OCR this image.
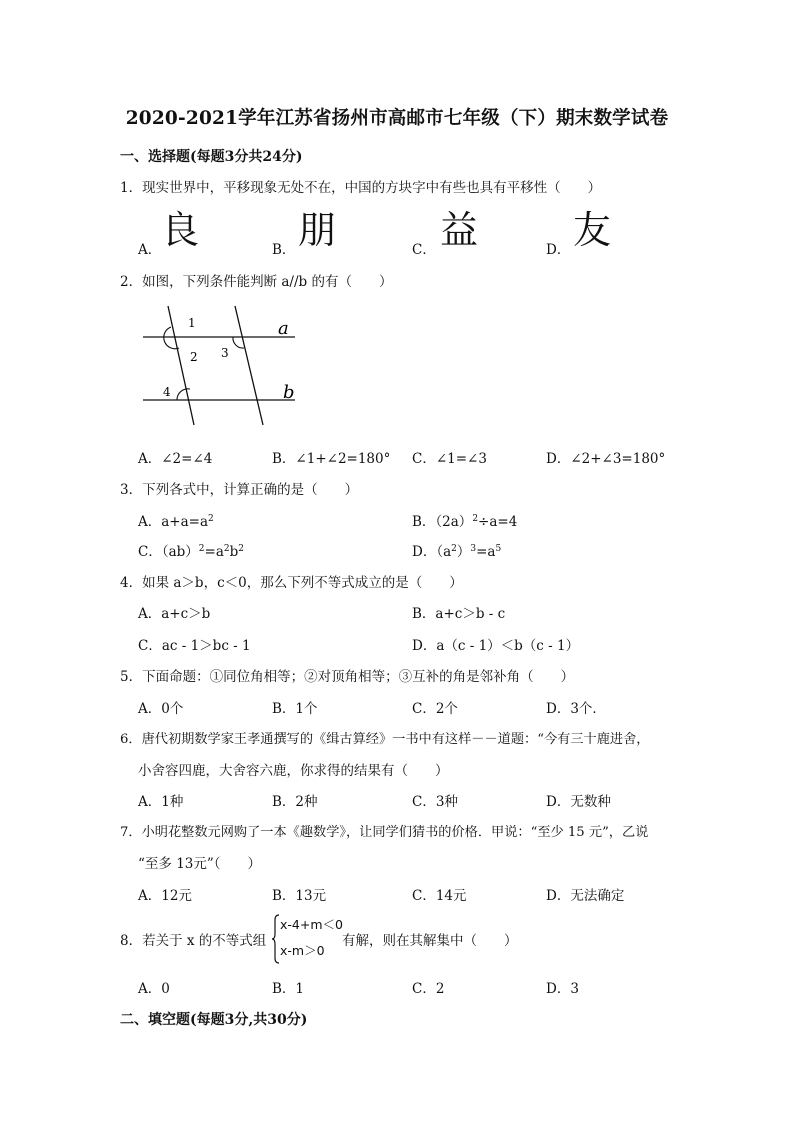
2020-2021学年江苏省扬州市高邮市七年级（下）期末数学试卷
一、选择题(每题3分共24分)
1．现实世界中，平移现象无处不在，中国的方块字中有些也具有平移性（　　）
A． 良	B． 朋	C． 益	D． 友
2．如图，下列条件能判断 a//b 的有（　　）
1
2 3
4
a
b
A．∠2=∠4	B．∠1+∠2=180° C．∠1=∠3	D．∠2+∠3=180°
3．下列各式中，计算正确的是（　　）
A．$a+a=a^2$	B．$(2a)^2\div a=4$
C．$(ab)^2=a^2b^2$	D．$(a^2)^3=a^5$
4．如果 a＞b，c＜0，那么下列不等式成立的是（　　）
A．a+c＞b	B．a+c＞b - c
C．ac - 1＞bc - 1	D．a（c - 1）＜b（c - 1）
5．下面命题：①同位角相等；②对顶角相等；③互补的角是邻补角（　　）
A．0个	B．1个	C．2个	D．3个．
6．唐代初期数学家王孝通撰写的《缉古算经》一书中有这样－－道题：“今有三十鹿进舍，
小舍容四鹿，大舍容六鹿，你求得的结果有（　　）
A．1种	B．2种	C．3种	D．无数种
7．小明花整数元网购了一本《趣数学》，让同学们猜书的价格．甲说：“至少 15 元”，乙说
“至多 13元”（　　）
A．12元	B．13元	C．14元	D．无法确定
8．若关于 x 的不等式组
x-4+m＜0
x-m＞0
有解，则在其解集中（　　）
A．0	B．1	C．2	D．3
二、填空题(每题3分,共30分)
